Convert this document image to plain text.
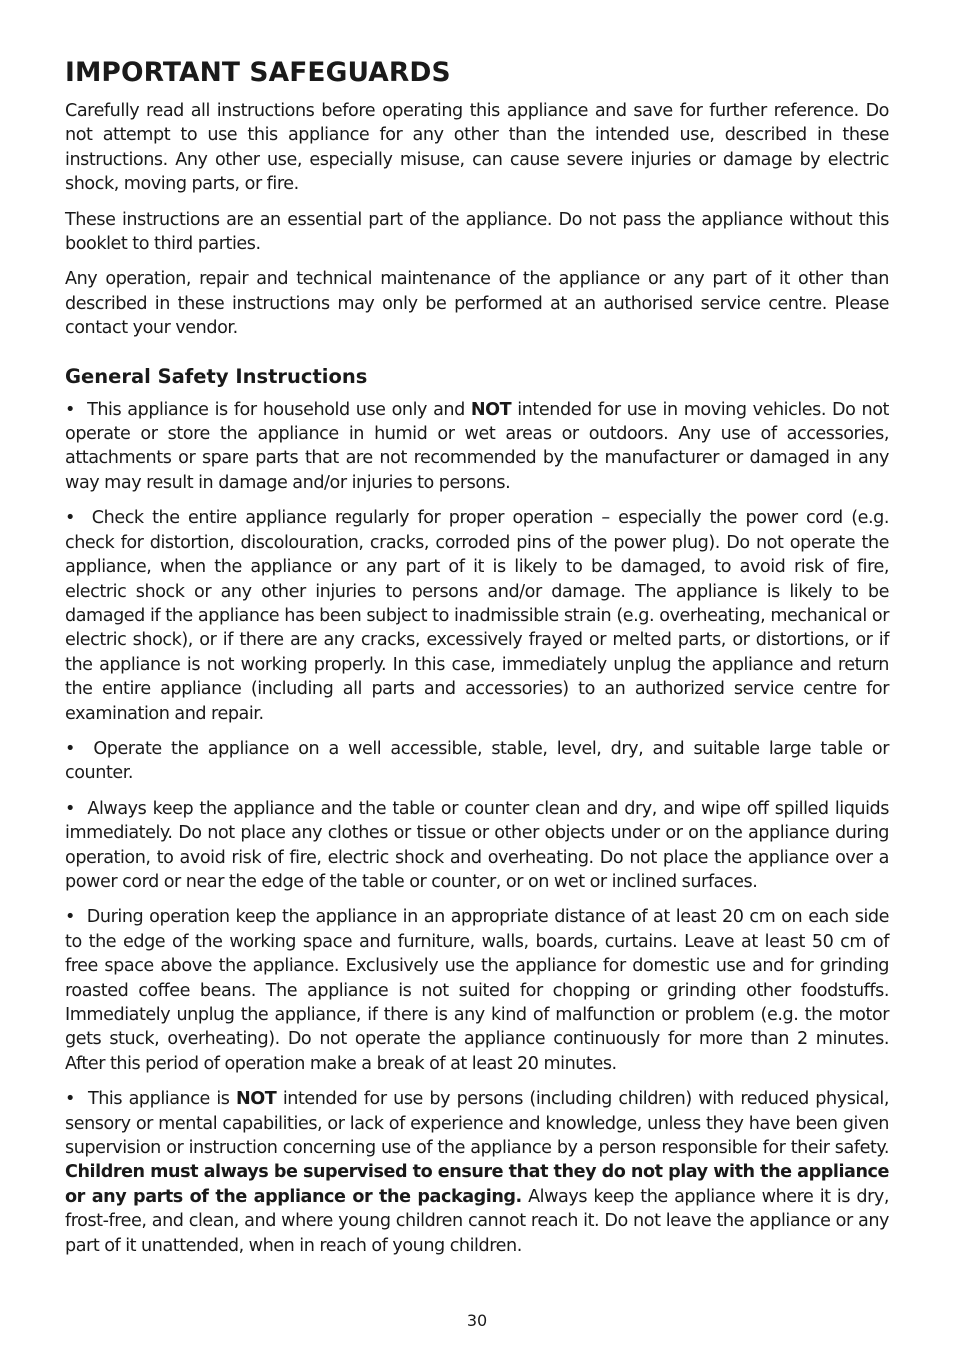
IMPORTANT SAFEGUARDS

Carefully read all instructions before operating this appliance and save for further reference. Do not attempt to use this appliance for any other than the intended use, described in these instructions. Any other use, especially misuse, can cause severe injuries or damage by electric shock, moving parts, or fire.

These instructions are an essential part of the appliance. Do not pass the appliance without this booklet to third parties.

Any operation, repair and technical maintenance of the appliance or any part of it other than described in these instructions may only be performed at an authorised service centre. Please contact your vendor.

General Safety Instructions

• This appliance is for household use only and NOT intended for use in moving vehicles. Do not operate or store the appliance in humid or wet areas or outdoors. Any use of accessories, attachments or spare parts that are not recommended by the manufacturer or damaged in any way may result in damage and/or injuries to persons.

• Check the entire appliance regularly for proper operation – especially the power cord (e.g. check for distortion, discolouration, cracks, corroded pins of the power plug). Do not operate the appliance, when the appliance or any part of it is likely to be damaged, to avoid risk of fire, electric shock or any other injuries to persons and/or damage. The appliance is likely to be damaged if the appliance has been subject to inadmissible strain (e.g. overheating, mechanical or electric shock), or if there are any cracks, excessively frayed or melted parts, or distortions, or if the appliance is not working properly. In this case, immediately unplug the appliance and return the entire appliance (including all parts and accessories) to an authorized service centre for examination and repair.

• Operate the appliance on a well accessible, stable, level, dry, and suitable large table or counter.

• Always keep the appliance and the table or counter clean and dry, and wipe off spilled liquids immediately. Do not place any clothes or tissue or other objects under or on the appliance during operation, to avoid risk of fire, electric shock and overheating. Do not place the appliance over a power cord or near the edge of the table or counter, or on wet or inclined surfaces.

• During operation keep the appliance in an appropriate distance of at least 20 cm on each side to the edge of the working space and furniture, walls, boards, curtains. Leave at least 50 cm of free space above the appliance. Exclusively use the appliance for domestic use and for grinding roasted coffee beans. The appliance is not suited for chopping or grinding other foodstuffs. Immediately unplug the appliance, if there is any kind of malfunction or problem (e.g. the motor gets stuck, overheating). Do not operate the appliance continuously for more than 2 minutes. After this period of operation make a break of at least 20 minutes.

• This appliance is NOT intended for use by persons (including children) with reduced physical, sensory or mental capabilities, or lack of experience and knowledge, unless they have been given supervision or instruction concerning use of the appliance by a person responsible for their safety. Children must always be supervised to ensure that they do not play with the appliance or any parts of the appliance or the packaging. Always keep the appliance where it is dry, frost-free, and clean, and where young children cannot reach it. Do not leave the appliance or any part of it unattended, when in reach of young children.

30
